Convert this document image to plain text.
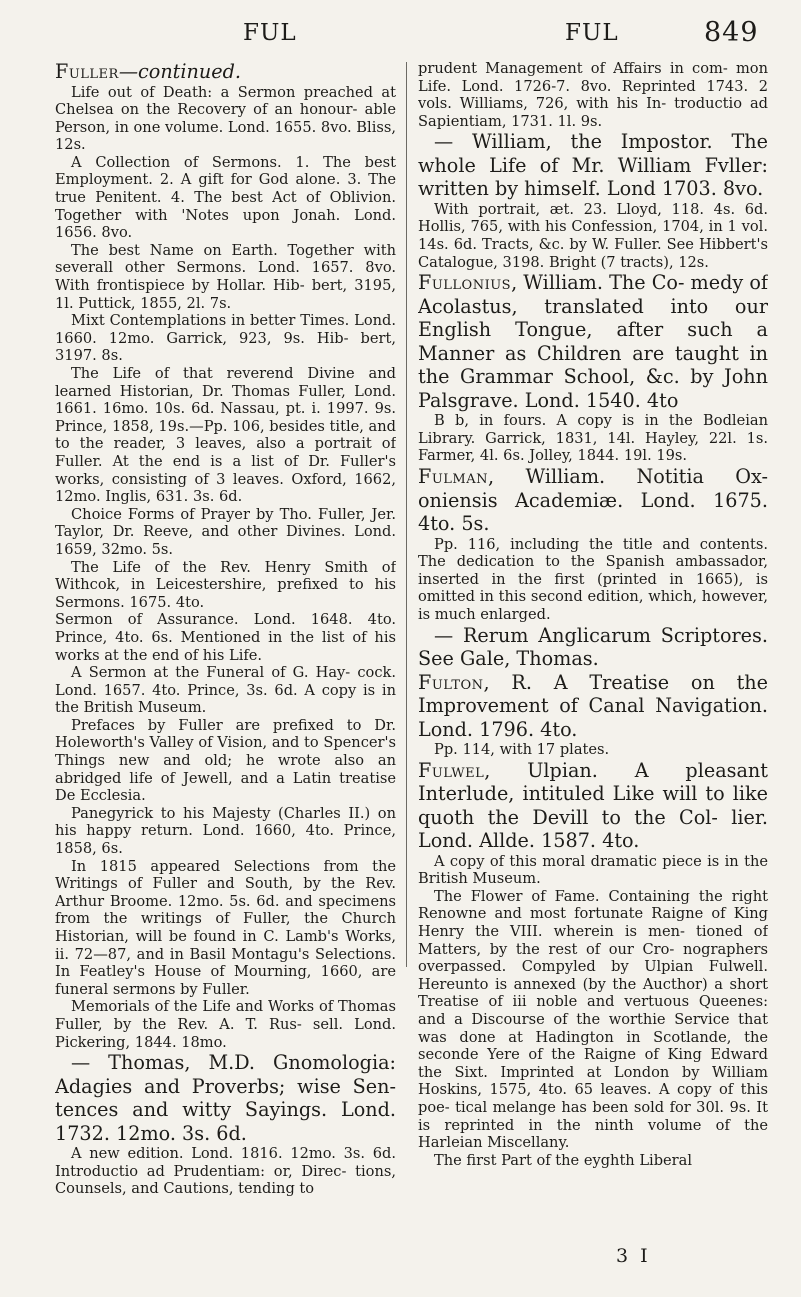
FUL	FUL	849

Fuller—continued.

Life out of Death: a Sermon preached at Chelsea on the Recovery of an honour- able Person, in one volume. Lond. 1655. 8vo. Bliss, 12s.

A Collection of Sermons. 1. The best Employment. 2. A gift for God alone. 3. The true Penitent. 4. The best Act of Oblivion. Together with 'Notes upon Jonah. Lond. 1656. 8vo.

The best Name on Earth. Together with severall other Sermons. Lond. 1657. 8vo. With frontispiece by Hollar. Hib- bert, 3195, 1l. Puttick, 1855, 2l. 7s.

Mixt Contemplations in better Times. Lond. 1660. 12mo. Garrick, 923, 9s. Hib- bert, 3197. 8s.

The Life of that reverend Divine and learned Historian, Dr. Thomas Fuller, Lond. 1661. 16mo. 10s. 6d. Nassau, pt. i. 1997. 9s. Prince, 1858, 19s.—Pp. 106, besides title, and to the reader, 3 leaves, also a portrait of Fuller. At the end is a list of Dr. Fuller's works, consisting of 3 leaves. Oxford, 1662, 12mo. Inglis, 631. 3s. 6d.

Choice Forms of Prayer by Tho. Fuller, Jer. Taylor, Dr. Reeve, and other Divines. Lond. 1659, 32mo. 5s.

The Life of the Rev. Henry Smith of Withcok, in Leicestershire, prefixed to his Sermons. 1675. 4to.

Sermon of Assurance. Lond. 1648. 4to. Prince, 4to. 6s. Mentioned in the list of his works at the end of his Life.

A Sermon at the Funeral of G. Hay- cock. Lond. 1657. 4to. Prince, 3s. 6d. A copy is in the British Museum.

Prefaces by Fuller are prefixed to Dr. Holeworth's Valley of Vision, and to Spencer's Things new and old; he wrote also an abridged life of Jewell, and a Latin treatise De Ecclesia.

Panegyrick to his Majesty (Charles II.) on his happy return. Lond. 1660, 4to. Prince, 1858, 6s.

In 1815 appeared Selections from the Writings of Fuller and South, by the Rev. Arthur Broome. 12mo. 5s. 6d. and specimens from the writings of Fuller, the Church Historian, will be found in C. Lamb's Works, ii. 72—87, and in Basil Montagu's Selections. In Featley's House of Mourning, 1660, are funeral sermons by Fuller.

Memorials of the Life and Works of Thomas Fuller, by the Rev. A. T. Rus- sell. Lond. Pickering, 1844. 18mo.

— Thomas, M.D. Gnomologia: Adagies and Proverbs; wise Sen- tences and witty Sayings. Lond. 1732. 12mo. 3s. 6d.

A new edition. Lond. 1816. 12mo. 3s. 6d. Introductio ad Prudentiam: or, Direc- tions, Counsels, and Cautions, tending to

prudent Management of Affairs in com- mon Life. Lond. 1726-7. 8vo. Reprinted 1743. 2 vols. Williams, 726, with his In- troductio ad Sapientiam, 1731. 1l. 9s.

— William, the Impostor. The whole Life of Mr. William Fvller: written by himself. Lond 1703. 8vo.

With portrait, æt. 23. Lloyd, 118. 4s. 6d. Hollis, 765, with his Confession, 1704, in 1 vol. 14s. 6d. Tracts, &c. by W. Fuller. See Hibbert's Catalogue, 3198. Bright (7 tracts), 12s.

Fullonius, William. The Co- medy of Acolastus, translated into our English Tongue, after such a Manner as Children are taught in the Grammar School, &c. by John Palsgrave. Lond. 1540. 4to

B b, in fours. A copy is in the Bodleian Library. Garrick, 1831, 14l. Hayley, 22l. 1s. Farmer, 4l. 6s. Jolley, 1844. 19l. 19s.

Fulman, William. Notitia Ox- oniensis Academiæ. Lond. 1675. 4to. 5s.

Pp. 116, including the title and contents. The dedication to the Spanish ambassador, inserted in the first (printed in 1665), is omitted in this second edition, which, however, is much enlarged.

— Rerum Anglicarum Scriptores. See Gale, Thomas.

Fulton, R. A Treatise on the Improvement of Canal Navigation. Lond. 1796. 4to.

Pp. 114, with 17 plates.

Fulwel, Ulpian. A pleasant Interlude, intituled Like will to like quoth the Devill to the Col- lier. Lond. Allde. 1587. 4to.

A copy of this moral dramatic piece is in the British Museum.

The Flower of Fame. Containing the right Renowne and most fortunate Raigne of King Henry the VIII. wherein is men- tioned of Matters, by the rest of our Cro- nographers overpassed. Compyled by Ulpian Fulwell. Hereunto is annexed (by the Aucthor) a short Treatise of iii noble and vertuous Queenes: and a Discourse of the worthie Service that was done at Hadington in Scotlande, the seconde Yere of the Raigne of King Edward the Sixt. Imprinted at London by William Hoskins, 1575, 4to. 65 leaves. A copy of this poe- tical melange has been sold for 30l. 9s. It is reprinted in the ninth volume of the Harleian Miscellany.

The first Part of the eyghth Liberal

3 I
